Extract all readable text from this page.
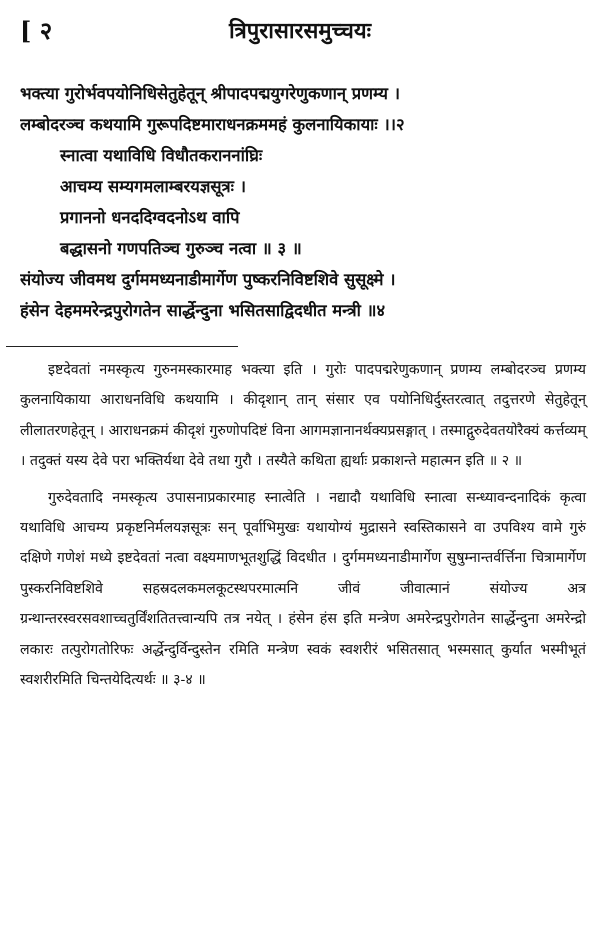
[ २	त्रिपुरासारसमुच्चयः
भक्त्या गुरोर्भवपयोनिधिसेतुहेतून् श्रीपादपद्मयुगरेणुकणान् प्रणम्य ।
लम्बोदरञ्च कथयामि गुरूपदिष्टमाराधनक्रममहं कुलनायिकायाः ।।२
स्नात्वा यथाविधि विधौतकराननांघ्रिः
आचम्य सम्यगमलाम्बरयज्ञसूत्रः ।
प्रगाननो धनददिग्वदनोऽथ वापि
बद्धासनो गणपतिञ्च गुरुञ्च नत्वा ॥ ३ ॥
संयोज्य जीवमथ दुर्गममध्यनाडीमार्गेण पुष्करनिविष्टशिवे सुसूक्ष्मे ।
हंसेन देहममरेन्द्रपुरोगतेन सार्द्धेन्दुना भसितसाद्विदधीत मन्त्री ॥४

इष्टदेवतां नमस्कृत्य गुरुनमस्कारमाह भक्त्या इति । गुरोः पादपद्मरेणुकणान् प्रणम्य लम्बोदरञ्च प्रणम्य कुलनायिकाया आराधनविधि कथयामि । कीदृशान् तान् संसार एव पयोनिधिर्दुस्तरत्वात् तदुत्तरणे सेतुहेतून् लीलातरणहेतून् । आराधनक्रमं कीदृशं गुरुणोपदिष्टं विना आगमज्ञानानर्थक्यप्रसङ्गात् । तस्माद्गुरुदेवतयोरैक्यं कर्त्तव्यम् । तदुक्तं यस्य देवे परा भक्तिर्यथा देवे तथा गुरौ । तस्यैते कथिता ह्यर्थाः प्रकाशन्ते महात्मन इति ॥ २ ॥

गुरुदेवतादि नमस्कृत्य उपासनाप्रकारमाह स्नात्वेति । नद्यादौ यथाविधि स्नात्वा सन्ध्यावन्दनादिकं कृत्वा यथाविधि आचम्य प्रकृष्टनिर्मलयज्ञसूत्रः सन् पूर्वाभिमुखः यथायोग्यं मुद्रासने स्वस्तिकासने वा उपविश्य वामे गुरुं दक्षिणे गणेशं मध्ये इष्टदेवतां नत्वा वक्ष्यमाणभूतशुद्धिं विदधीत । दुर्गममध्यनाडीमार्गेण सुषुम्नान्तर्वर्त्तिना चित्रामार्गेण पुस्करनिविष्टशिवे सहस्रदलकमलकूटस्थपरमात्मनि जीवं जीवात्मानं संयोज्य अत्र ग्रन्थान्तरस्वरसवशाच्चतुर्विंशतितत्त्वान्यपि तत्र नयेत् । हंसेन हंस इति मन्त्रेण अमरेन्द्रपुरोगतेन सार्द्धेन्दुना अमरेन्द्रो लकारः तत्पुरोगतोरिफः अर्द्धेन्दुर्विन्दुस्तेन रमिति मन्त्रेण स्वकं स्वशरीरं भसितसात् भस्मसात् कुर्यात भस्मीभूतं स्वशरीरमिति चिन्तयेदित्यर्थः ॥ ३-४ ॥
